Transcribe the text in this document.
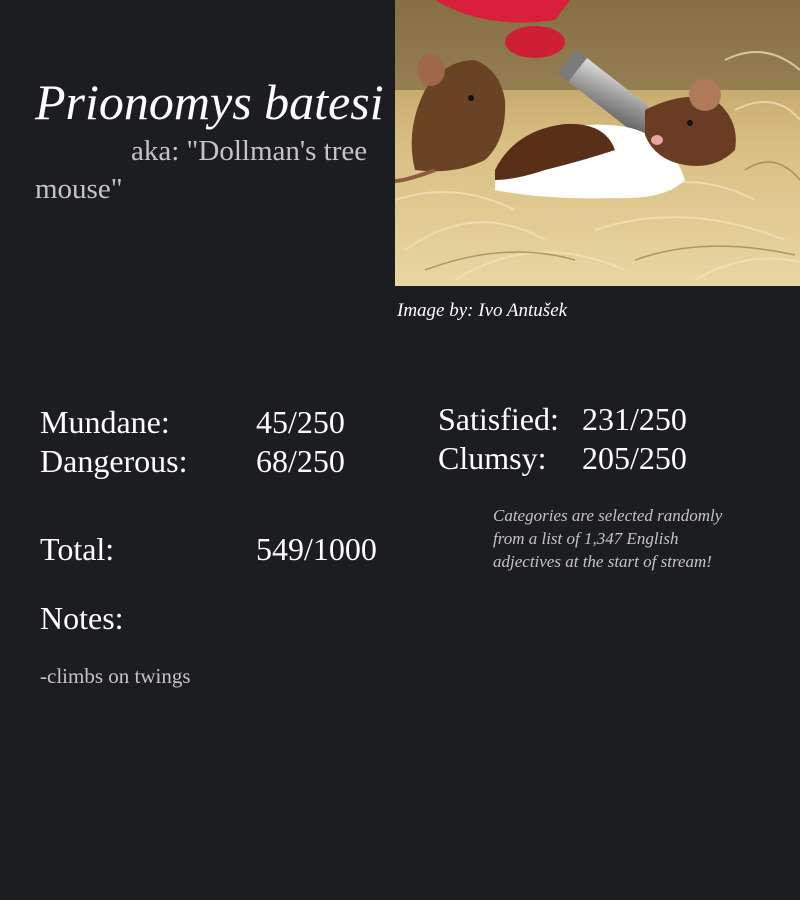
Prionomys batesi

aka: "Dollman's tree mouse"

Image by: Ivo Antušek
Mundane:	45/250
Dangerous: 68/250
Satisfied: 231/250
Clumsy: 205/250
Total:	549/1000
Categories are selected randomly from a list of 1,347 English adjectives at the start of stream!
Notes:
-climbs on twings
